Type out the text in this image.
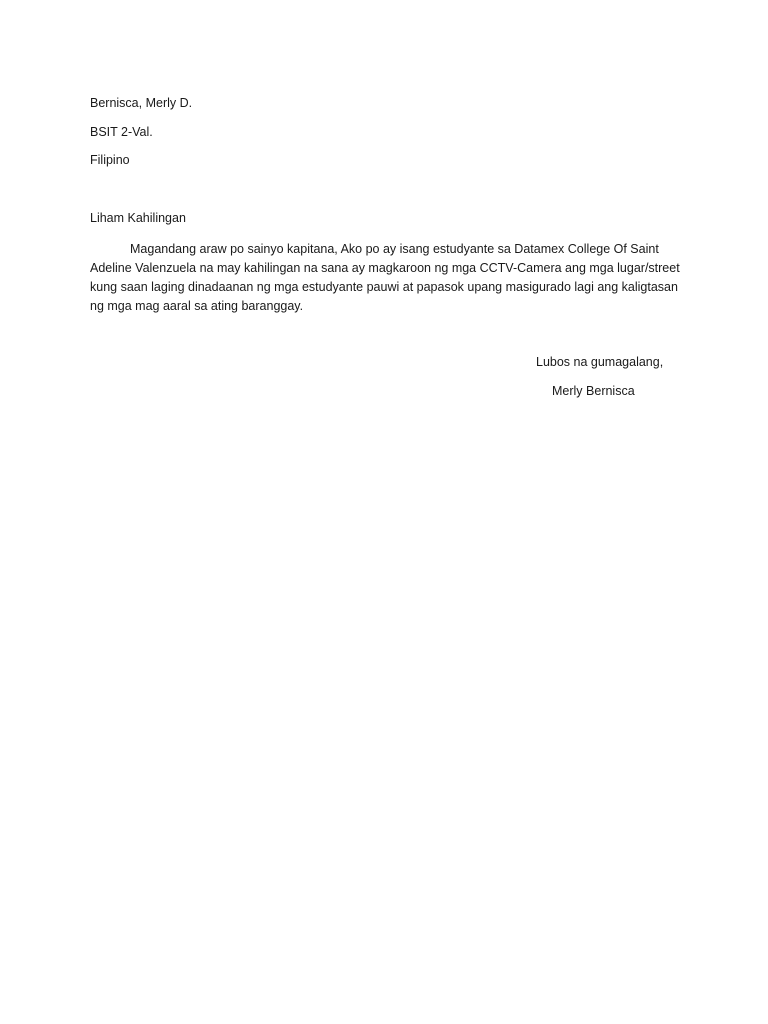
Bernisca, Merly D.

BSIT 2-Val.

Filipino

Liham Kahilingan

Magandang araw po sainyo kapitana, Ako po ay isang estudyante sa Datamex College Of Saint
Adeline Valenzuela na may kahilingan na sana ay magkaroon ng mga CCTV-Camera ang mga lugar/street
kung saan laging dinadaanan ng mga estudyante pauwi at papasok upang masigurado lagi ang kaligtasan
ng mga mag aaral sa ating baranggay.

Lubos na gumagalang,

Merly Bernisca
